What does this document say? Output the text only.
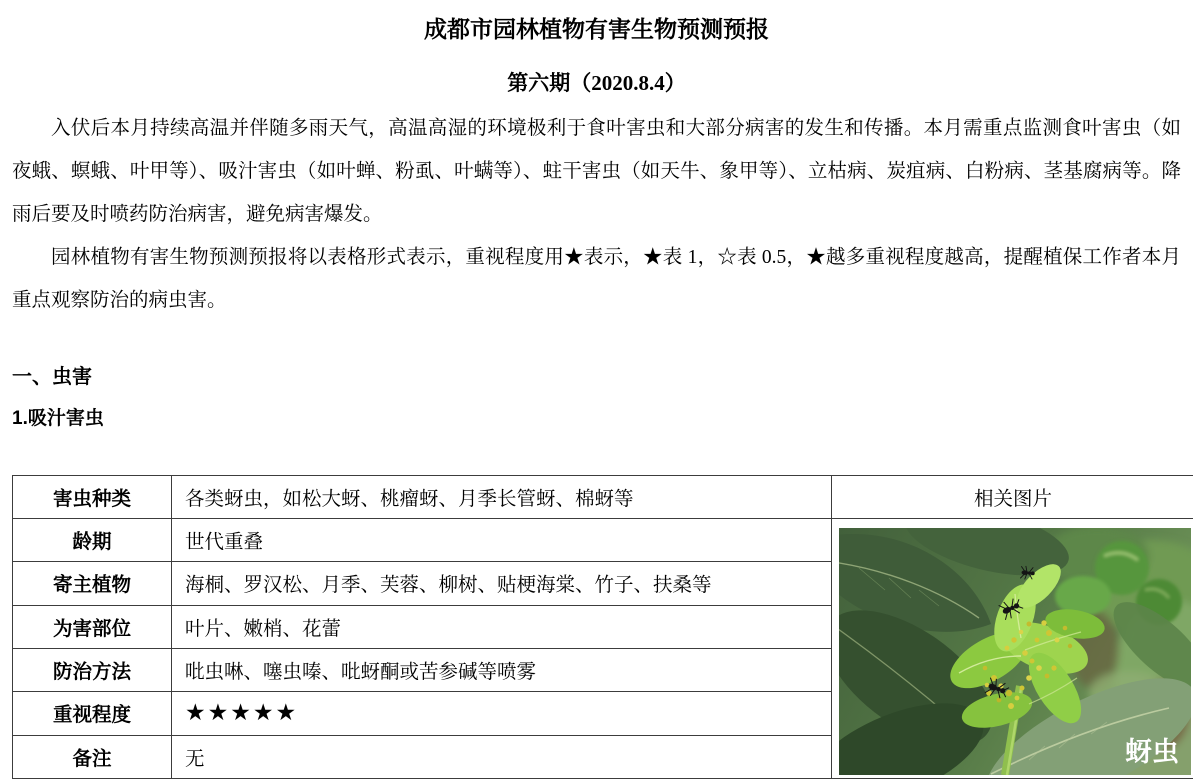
成都市园林植物有害生物预测预报
第六期（2020.8.4）

入伏后本月持续高温并伴随多雨天气，高温高湿的环境极利于食叶害虫和大部分病害的发生和传播。本月需重点监测食叶害虫（如夜蛾、螟蛾、叶甲等）、吸汁害虫（如叶蝉、粉虱、叶螨等）、蛀干害虫（如天牛、象甲等）、立枯病、炭疽病、白粉病、茎基腐病等。降雨后要及时喷药防治病害，避免病害爆发。

园林植物有害生物预测预报将以表格形式表示，重视程度用★表示，★表 1，☆表 0.5，★越多重视程度越高，提醒植保工作者本月重点观察防治的病虫害。

一、虫害
1.吸汁害虫
害虫种类	各类蚜虫，如松大蚜、桃瘤蚜、月季长管蚜、棉蚜等	相关图片
龄期	世代重叠	蚜虫

寄主植物	海桐、罗汉松、月季、芙蓉、柳树、贴梗海棠、竹子、扶桑等	
为害部位	叶片、嫩梢、花蕾	
防治方法	吡虫啉、噻虫嗪、吡蚜酮或苦参碱等喷雾	
重视程度	★★★★★	
备注	无	
